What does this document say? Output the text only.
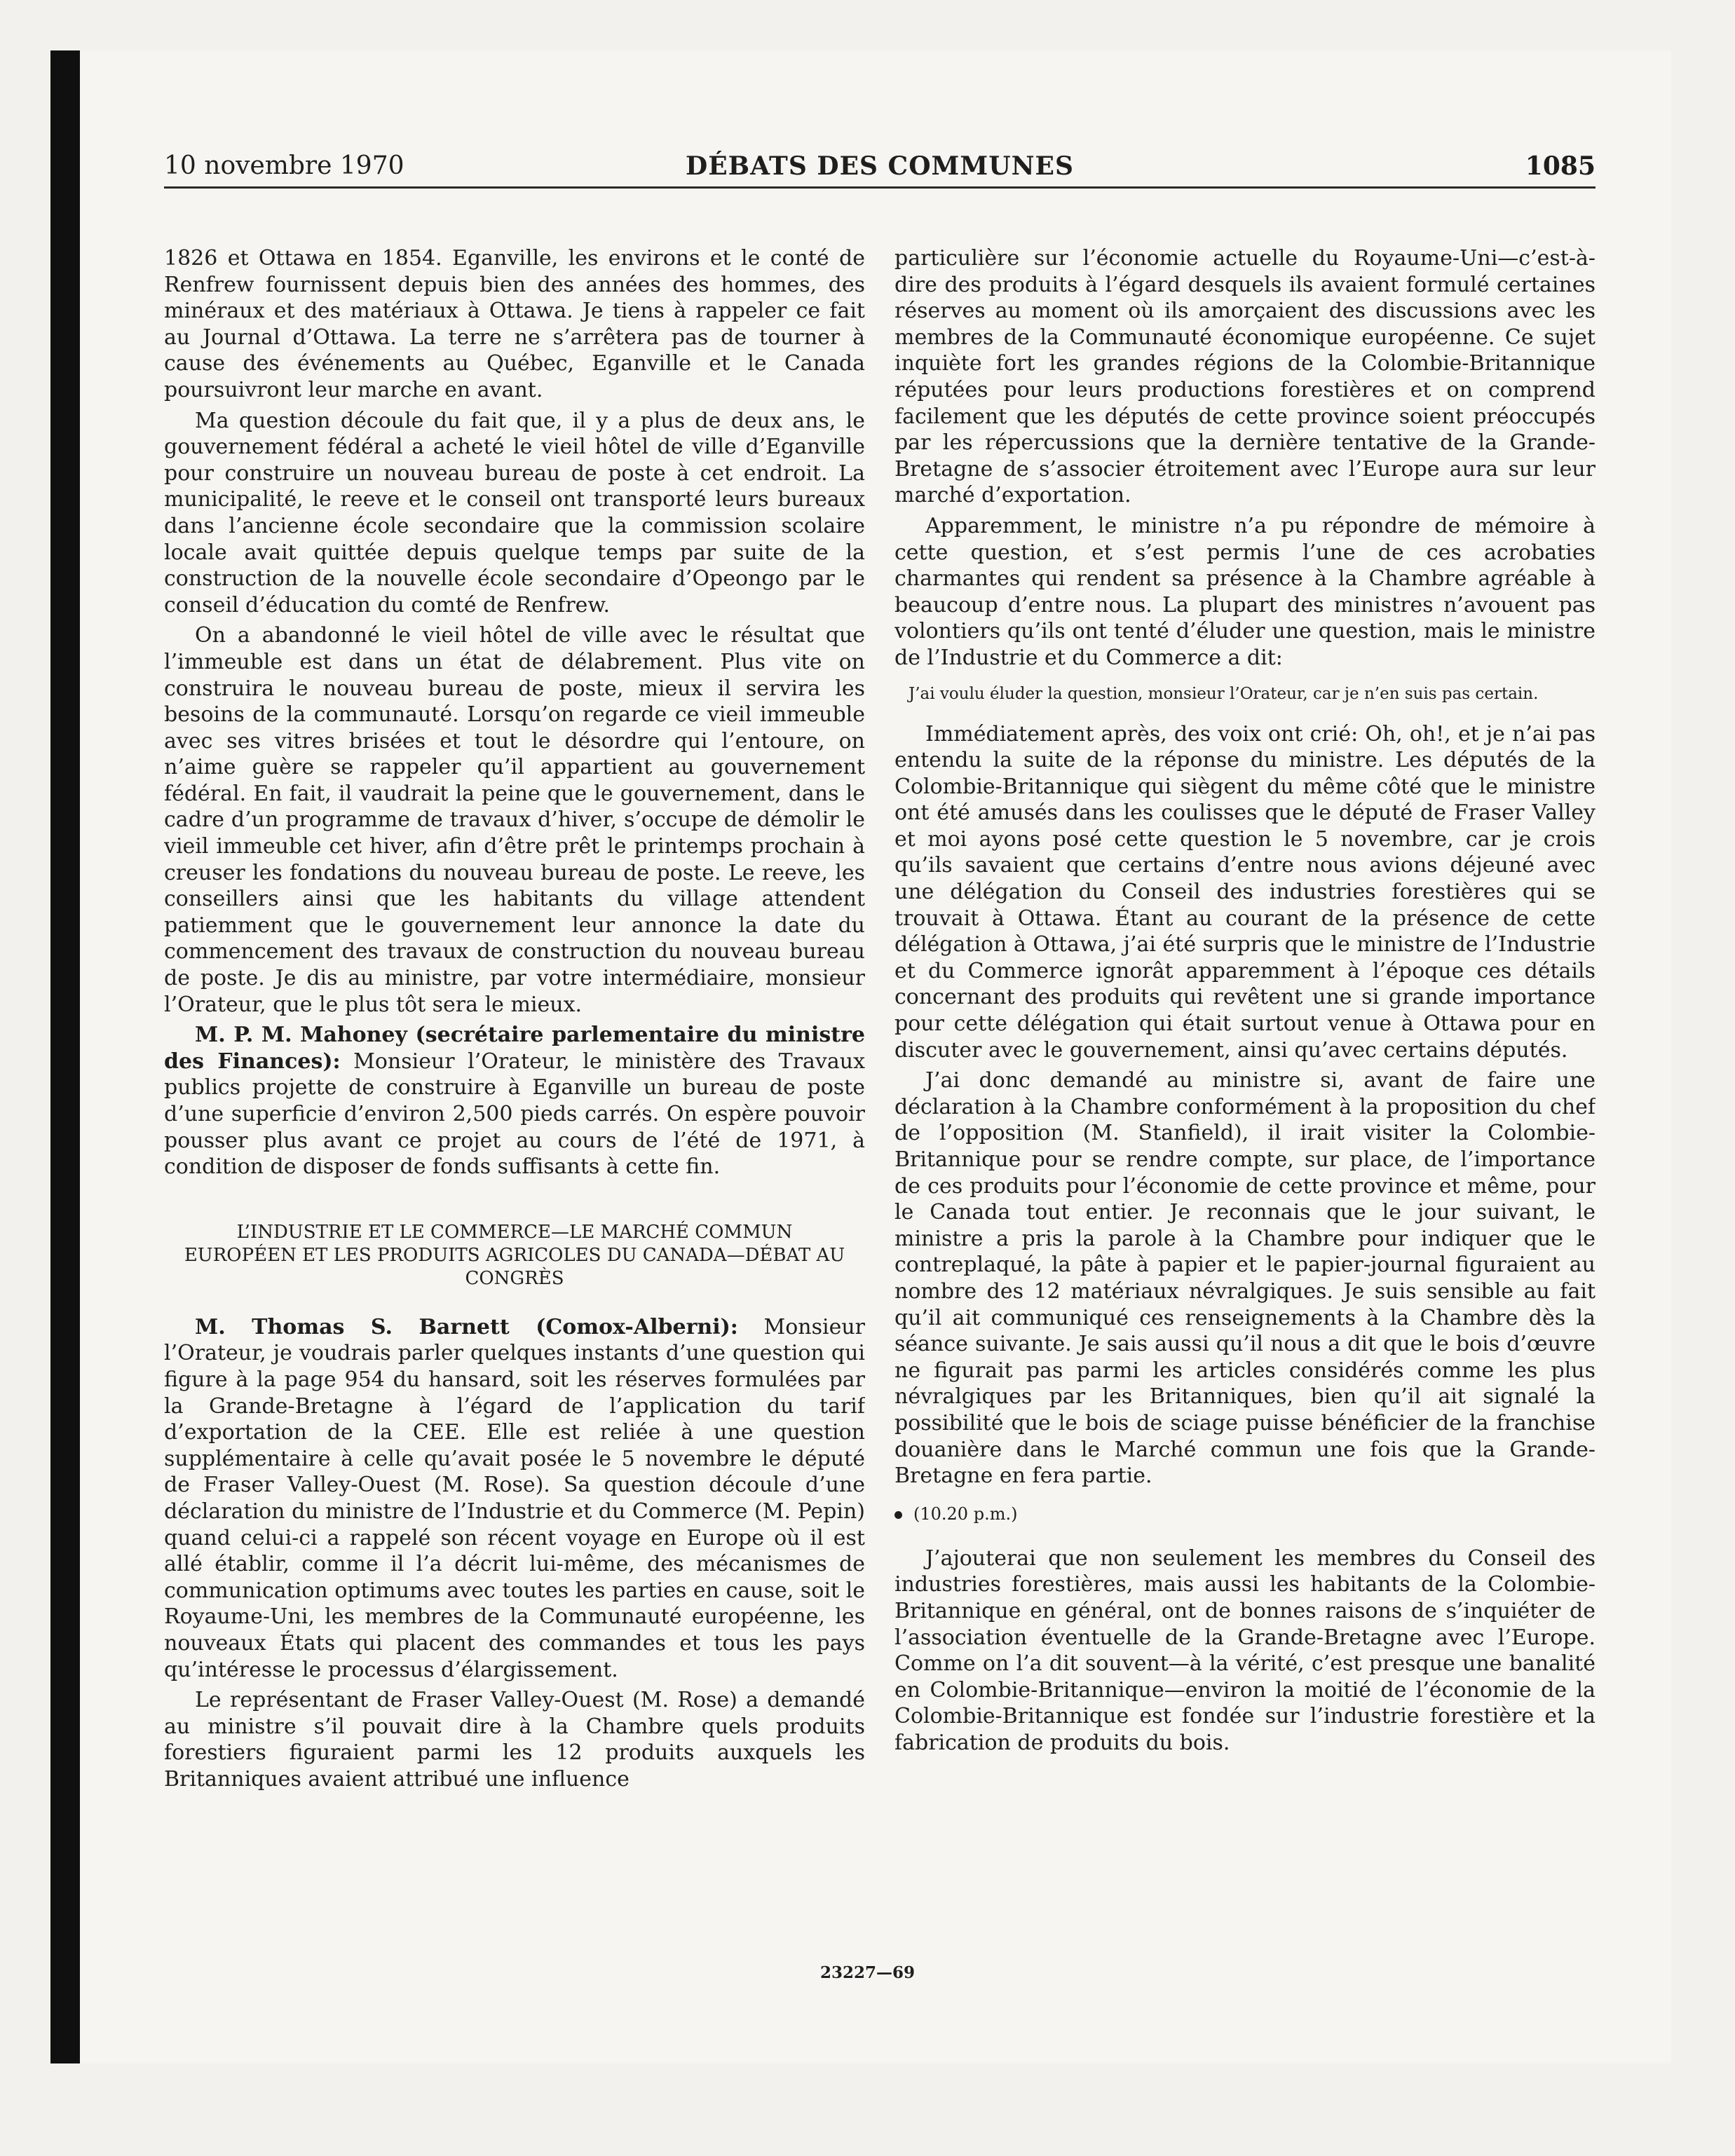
10 novembre 1970	DÉBATS DES COMMUNES	1085

1826 et Ottawa en 1854. Eganville, les environs et le conté de Renfrew fournissent depuis bien des années des hommes, des minéraux et des matériaux à Ottawa. Je tiens à rappeler ce fait au Journal d’Ottawa. La terre ne s’arrêtera pas de tourner à cause des événements au Québec, Eganville et le Canada poursuivront leur marche en avant.

Ma question découle du fait que, il y a plus de deux ans, le gouvernement fédéral a acheté le vieil hôtel de ville d’Eganville pour construire un nouveau bureau de poste à cet endroit. La municipalité, le reeve et le conseil ont transporté leurs bureaux dans l’ancienne école secondaire que la commission scolaire locale avait quittée depuis quelque temps par suite de la construction de la nouvelle école secondaire d’Opeongo par le conseil d’éducation du comté de Renfrew.

On a abandonné le vieil hôtel de ville avec le résultat que l’immeuble est dans un état de délabrement. Plus vite on construira le nouveau bureau de poste, mieux il servira les besoins de la communauté. Lorsqu’on regarde ce vieil immeuble avec ses vitres brisées et tout le désordre qui l’entoure, on n’aime guère se rappeler qu’il appartient au gouvernement fédéral. En fait, il vaudrait la peine que le gouvernement, dans le cadre d’un programme de travaux d’hiver, s’occupe de démolir le vieil immeuble cet hiver, afin d’être prêt le printemps prochain à creuser les fondations du nouveau bureau de poste. Le reeve, les conseillers ainsi que les habitants du village attendent patiemment que le gouvernement leur annonce la date du commencement des travaux de construction du nouveau bureau de poste. Je dis au ministre, par votre intermédiaire, monsieur l’Orateur, que le plus tôt sera le mieux.

M. P. M. Mahoney (secrétaire parlementaire du ministre des Finances): Monsieur l’Orateur, le ministère des Travaux publics projette de construire à Eganville un bureau de poste d’une superficie d’environ 2,500 pieds carrés. On espère pouvoir pousser plus avant ce projet au cours de l’été de 1971, à condition de disposer de fonds suffisants à cette fin.

L’INDUSTRIE ET LE COMMERCE—LE MARCHÉ COMMUN EUROPÉEN ET LES PRODUITS AGRICOLES DU CANADA—DÉBAT AU CONGRÈS

M. Thomas S. Barnett (Comox-Alberni): Monsieur l’Orateur, je voudrais parler quelques instants d’une question qui figure à la page 954 du hansard, soit les réserves formulées par la Grande-Bretagne à l’égard de l’application du tarif d’exportation de la CEE. Elle est reliée à une question supplémentaire à celle qu’avait posée le 5 novembre le député de Fraser Valley-Ouest (M. Rose). Sa question découle d’une déclaration du ministre de l’Industrie et du Commerce (M. Pepin) quand celui-ci a rappelé son récent voyage en Europe où il est allé établir, comme il l’a décrit lui-même, des mécanismes de communication optimums avec toutes les parties en cause, soit le Royaume-Uni, les membres de la Communauté européenne, les nouveaux États qui placent des commandes et tous les pays qu’intéresse le processus d’élargissement.

Le représentant de Fraser Valley-Ouest (M. Rose) a demandé au ministre s’il pouvait dire à la Chambre quels produits forestiers figuraient parmi les 12 produits auxquels les Britanniques avaient attribué une influence

particulière sur l’économie actuelle du Royaume-Uni—c’est-à-dire des produits à l’égard desquels ils avaient formulé certaines réserves au moment où ils amorçaient des discussions avec les membres de la Communauté économique européenne. Ce sujet inquiète fort les grandes régions de la Colombie-Britannique réputées pour leurs productions forestières et on comprend facilement que les députés de cette province soient préoccupés par les répercussions que la dernière tentative de la Grande-Bretagne de s’associer étroitement avec l’Europe aura sur leur marché d’exportation.

Apparemment, le ministre n’a pu répondre de mémoire à cette question, et s’est permis l’une de ces acrobaties charmantes qui rendent sa présence à la Chambre agréable à beaucoup d’entre nous. La plupart des ministres n’avouent pas volontiers qu’ils ont tenté d’éluder une question, mais le ministre de l’Industrie et du Commerce a dit:

J’ai voulu éluder la question, monsieur l’Orateur, car je n’en suis pas certain.

Immédiatement après, des voix ont crié: Oh, oh!, et je n’ai pas entendu la suite de la réponse du ministre. Les députés de la Colombie-Britannique qui siègent du même côté que le ministre ont été amusés dans les coulisses que le député de Fraser Valley et moi ayons posé cette question le 5 novembre, car je crois qu’ils savaient que certains d’entre nous avions déjeuné avec une délégation du Conseil des industries forestières qui se trouvait à Ottawa. Étant au courant de la présence de cette délégation à Ottawa, j’ai été surpris que le ministre de l’Industrie et du Commerce ignorât apparemment à l’époque ces détails concernant des produits qui revêtent une si grande importance pour cette délégation qui était surtout venue à Ottawa pour en discuter avec le gouvernement, ainsi qu’avec certains députés.

J’ai donc demandé au ministre si, avant de faire une déclaration à la Chambre conformément à la proposition du chef de l’opposition (M. Stanfield), il irait visiter la Colombie-Britannique pour se rendre compte, sur place, de l’importance de ces produits pour l’économie de cette province et même, pour le Canada tout entier. Je reconnais que le jour suivant, le ministre a pris la parole à la Chambre pour indiquer que le contreplaqué, la pâte à papier et le papier-journal figuraient au nombre des 12 matériaux névralgiques. Je suis sensible au fait qu’il ait communiqué ces renseignements à la Chambre dès la séance suivante. Je sais aussi qu’il nous a dit que le bois d’œuvre ne figurait pas parmi les articles considérés comme les plus névralgiques par les Britanniques, bien qu’il ait signalé la possibilité que le bois de sciage puisse bénéficier de la franchise douanière dans le Marché commun une fois que la Grande-Bretagne en fera partie.

(10.20 p.m.)

J’ajouterai que non seulement les membres du Conseil des industries forestières, mais aussi les habitants de la Colombie-Britannique en général, ont de bonnes raisons de s’inquiéter de l’association éventuelle de la Grande-Bretagne avec l’Europe. Comme on l’a dit souvent—à la vérité, c’est presque une banalité en Colombie-Britannique—environ la moitié de l’économie de la Colombie-Britannique est fondée sur l’industrie forestière et la fabrication de produits du bois.

23227—69
